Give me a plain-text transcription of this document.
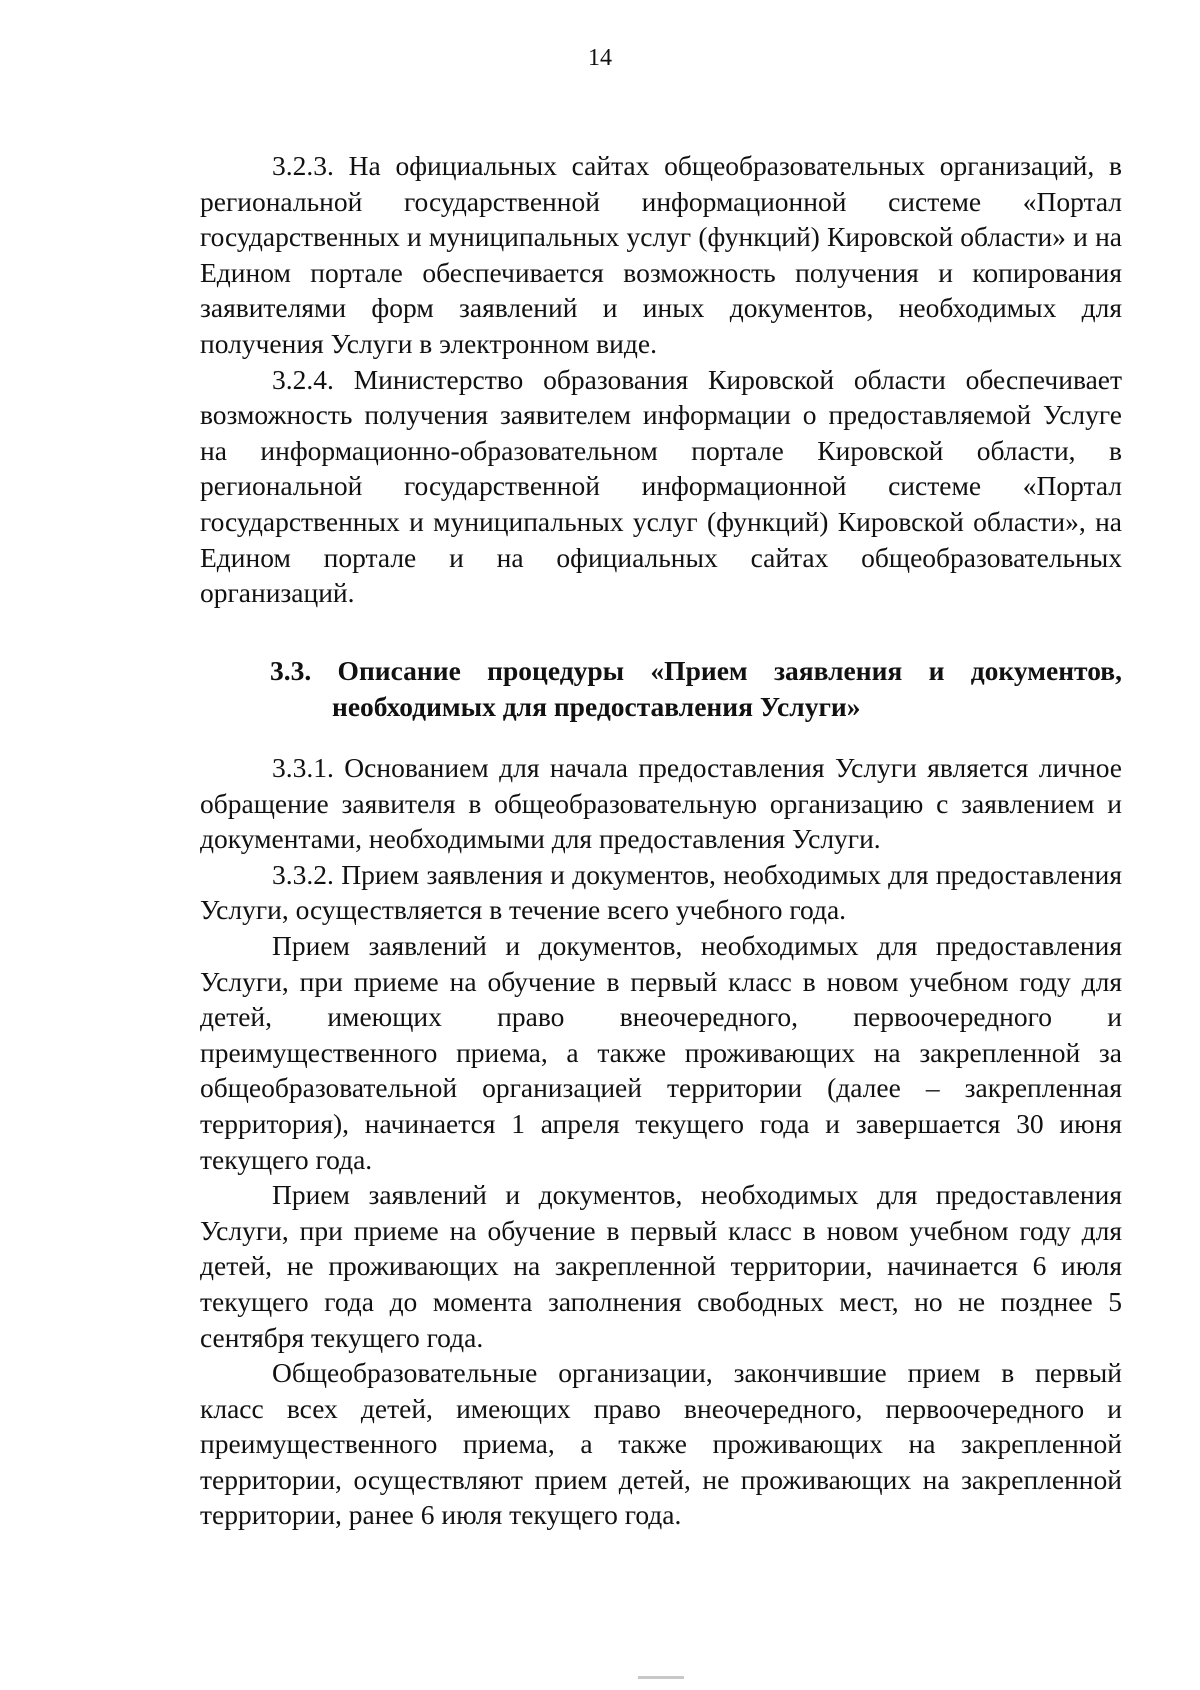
14

3.2.3. На официальных сайтах общеобразовательных организаций, в региональной государственной информационной системе «Портал государственных и муниципальных услуг (функций) Кировской области» и на Едином портале обеспечивается возможность получения и копирования заявителями форм заявлений и иных документов, необходимых для получения Услуги в электронном виде.

3.2.4. Министерство образования Кировской области обеспечивает возможность получения заявителем информации о предоставляемой Услуге на информационно-образовательном портале Кировской области, в региональной государственной информационной системе «Портал государственных и муниципальных услуг (функций) Кировской области», на Едином портале и на официальных сайтах общеобразовательных организаций.

3.3. Описание процедуры «Прием заявления и документов,
необходимых для предоставления Услуги»

3.3.1. Основанием для начала предоставления Услуги является личное обращение заявителя в общеобразовательную организацию с заявлением и документами, необходимыми для предоставления Услуги.

3.3.2. Прием заявления и документов, необходимых для предоставления Услуги, осуществляется в течение всего учебного года.

Прием заявлений и документов, необходимых для предоставления Услуги, при приеме на обучение в первый класс в новом учебном году для детей, имеющих право внеочередного, первоочередного и преимущественного приема, а также проживающих на закрепленной за общеобразовательной организацией территории (далее – закрепленная территория), начинается 1 апреля текущего года и завершается 30 июня текущего года.

Прием заявлений и документов, необходимых для предоставления Услуги, при приеме на обучение в первый класс в новом учебном году для детей, не проживающих на закрепленной территории, начинается 6 июля текущего года до момента заполнения свободных мест, но не позднее 5 сентября текущего года.

Общеобразовательные организации, закончившие прием в первый класс всех детей, имеющих право внеочередного, первоочередного и преимущественного приема, а также проживающих на закрепленной территории, осуществляют прием детей, не проживающих на закрепленной территории, ранее 6 июля текущего года.
